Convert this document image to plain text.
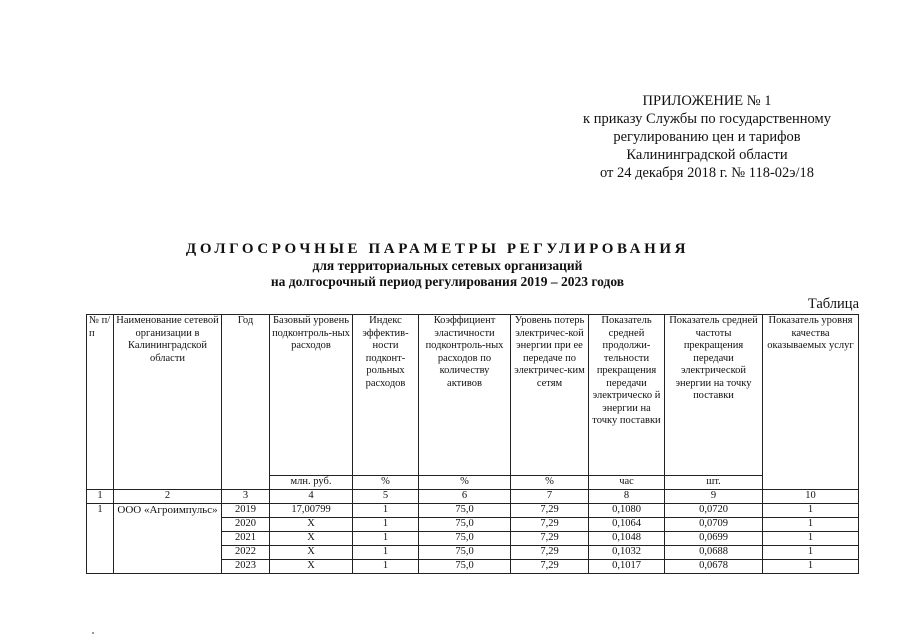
ПРИЛОЖЕНИЕ № 1
к приказу Службы по государственному
регулированию цен и тарифов
Калининградской области
от 24 декабря 2018 г. № 118-02э/18
ДОЛГОСРОЧНЫЕ ПАРАМЕТРЫ РЕГУЛИРОВАНИЯ
для территориальных сетевых организаций
на долгосрочный период регулирования 2019 – 2023 годов
Таблица
№ п/п	Наименование сетевой организации в Калининградской области	Год	Базовый уровень подконтроль-ных расходов	Индекс эффектив-ности подконт-рольных расходов	Коэффициент эластичности подконтроль-ных расходов по количеству активов	Уровень потерь электричес-кой энергии при ее передаче по электричес-ким сетям	Показатель средней продолжи-тельности прекращения передачи электрическо й энергии на точку поставки	Показатель средней частоты прекращения передачи электрической энергии на точку поставки	Показатель уровня качества оказываемых услуг
			млн. руб.	%	%	%	час	шт.	
1	2	3	4	5	6	7	8	9	10
1	ООО «Агроимпульс»	2019	17,00799	1	75,0	7,29	0,1080	0,0720	1
		2020	X	1	75,0	7,29	0,1064	0,0709	1
		2021	X	1	75,0	7,29	0,1048	0,0699	1
		2022	X	1	75,0	7,29	0,1032	0,0688	1
		2023	X	1	75,0	7,29	0,1017	0,0678	1
